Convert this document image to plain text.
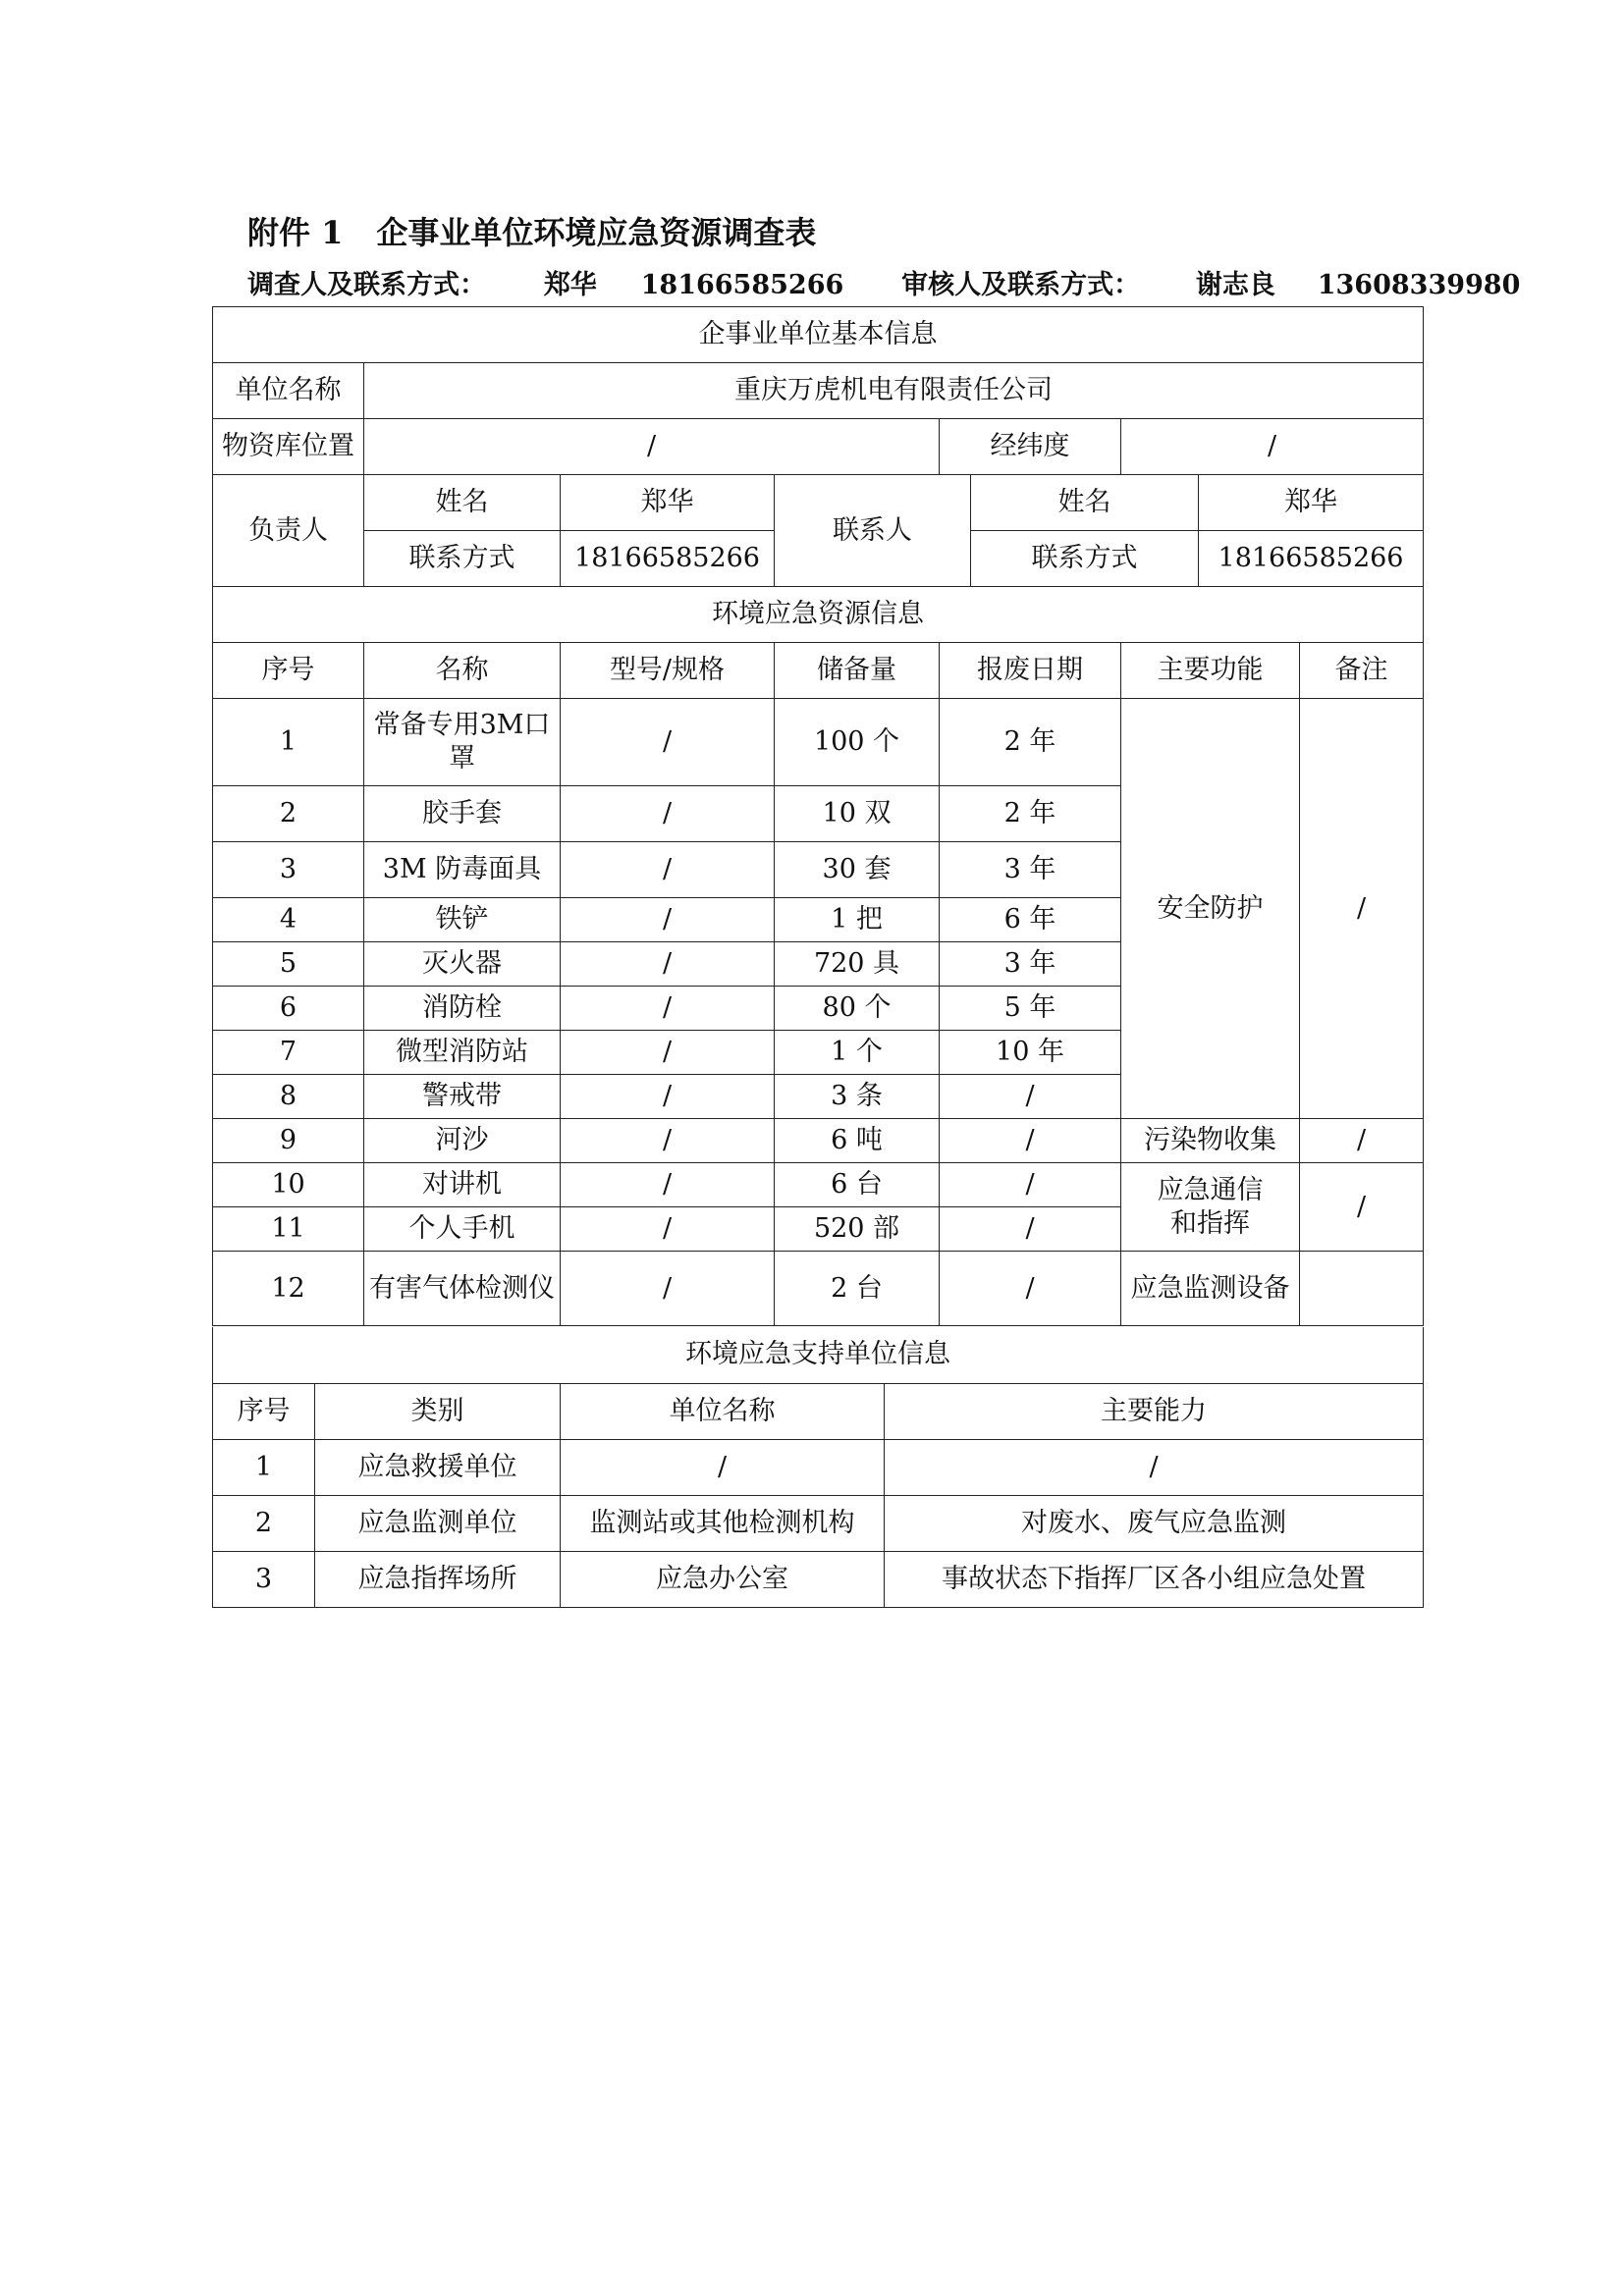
附件 1 企事业单位环境应急资源调查表
调查人及联系方式： 郑华 18166585266 审核人及联系方式： 谢志良 13608339980
企事业单位基本信息			
单位名称	重庆万虎机电有限责任公司		
物资库位置	/	经纬度	/
负责人	姓名	郑华	联系人	姓名	郑华
	联系方式	18166585266		联系方式	18166585266
环境应急资源信息						
序号	名称	型号/规格	储备量	报废日期	主要功能	备注
1	常备专用3M口罩	/	100 个	2 年	安全防护	/
2	胶手套	/	10 双	2 年		
3	3M 防毒面具	/	30 套	3 年		
4	铁铲	/	1 把	6 年		
5	灭火器	/	720 具	3 年		
6	消防栓	/	80 个	5 年		
7	微型消防站	/	1 个	10 年		
8	警戒带	/	3 条	/		
9	河沙	/	6 吨	/	污染物收集	/
10	对讲机	/	6 台	/	应急通信和指挥	/
11	个人手机	/	520 部	/		
12	有害气体检测仪	/	2 台	/	应急监测设备	
环境应急支持单位信息			
序号	类别	单位名称	主要能力
1	应急救援单位	/	/
2	应急监测单位	监测站或其他检测机构	对废水、废气应急监测
3	应急指挥场所	应急办公室	事故状态下指挥厂区各小组应急处置
